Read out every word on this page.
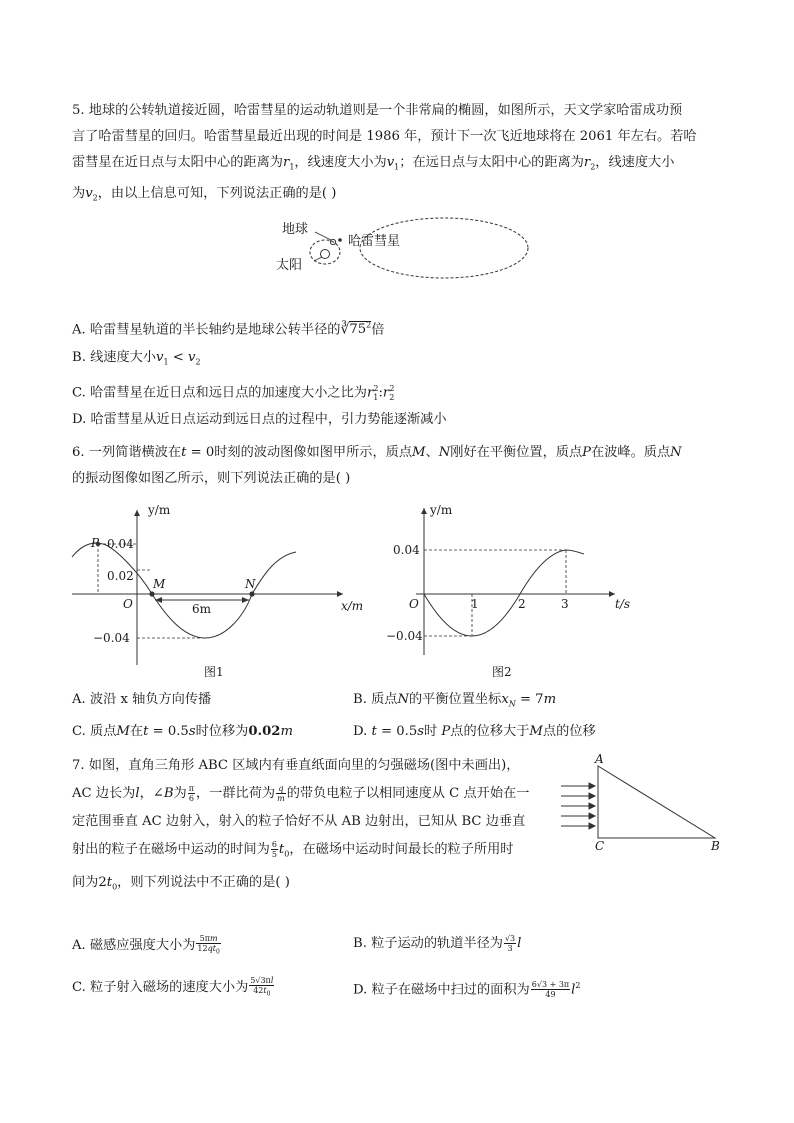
5. 地球的公转轨道接近圆，哈雷彗星的运动轨道则是一个非常扁的椭圆，如图所示，天文学家哈雷成功预
言了哈雷彗星的回归。哈雷彗星最近出现的时间是 1986 年，预计下一次飞近地球将在 2061 年左右。若哈
雷彗星在近日点与太阳中心的距离为$r_1$，线速度大小为$v_1$；在远日点与太阳中心的距离为$r_2$，线速度大小
为$v_2$，由以上信息可知，下列说法正确的是( )
地球
哈雷彗星
太阳
A. 哈雷彗星轨道的半长轴约是地球公转半径的$∛75^2$倍
B. 线速度大小$v_1 < v_2$
C. 哈雷彗星在近日点和远日点的加速度大小之比为$r_1^2:r_2^2$
D. 哈雷彗星从近日点运动到远日点的过程中，引力势能逐渐减小
6. 一列简谐横波在t = 0时刻的波动图像如图甲所示，质点M、N刚好在平衡位置，质点P在波峰。质点N
的振动图像如图乙所示，则下列说法正确的是( )
y/m
x/m
O
P 0.04
0.02
M	N
6m
−0.04
图1
y/m
t/s
O
0.04
−0.04
1	2	3
图2
A. 波沿 x 轴负方向传播	B. 质点N的平衡位置坐标$x_N = 7m$
C. 质点M在t = 0.5s时位移为0.02m	D. t = 0.5s时 P点的位移大于M点的位移
7. 如图，直角三角形 ABC 区域内有垂直纸面向里的匀强磁场(图中未画出)，
AC 边长为l，∠B为 $\frac{\pi}{6}$ ，一群比荷为 $\frac{q}{m}$ 的带负电粒子以相同速度从 C 点开始在一
定范围垂直 AC 边射入，射入的粒子恰好不从 AB 边射出，已知从 BC 边垂直
射出的粒子在磁场中运动的时间为 $\frac{6}{5} t_0$，在磁场中运动时间最长的粒子所用时
间为$2t_0$，则下列说法中不正确的是( )
A
C	B
A. 磁感应强度大小为 $\frac{5\pi m}{12qt_0}$	B. 粒子运动的轨道半径为 $\frac{√3}{3}$ l
C. 粒子射入磁场的速度大小为 $\frac{5√3\pi l}{42t_0}$	D. 粒子在磁场中扫过的面积为 $\frac{6√3 + 3\pi}{49} l^2$
